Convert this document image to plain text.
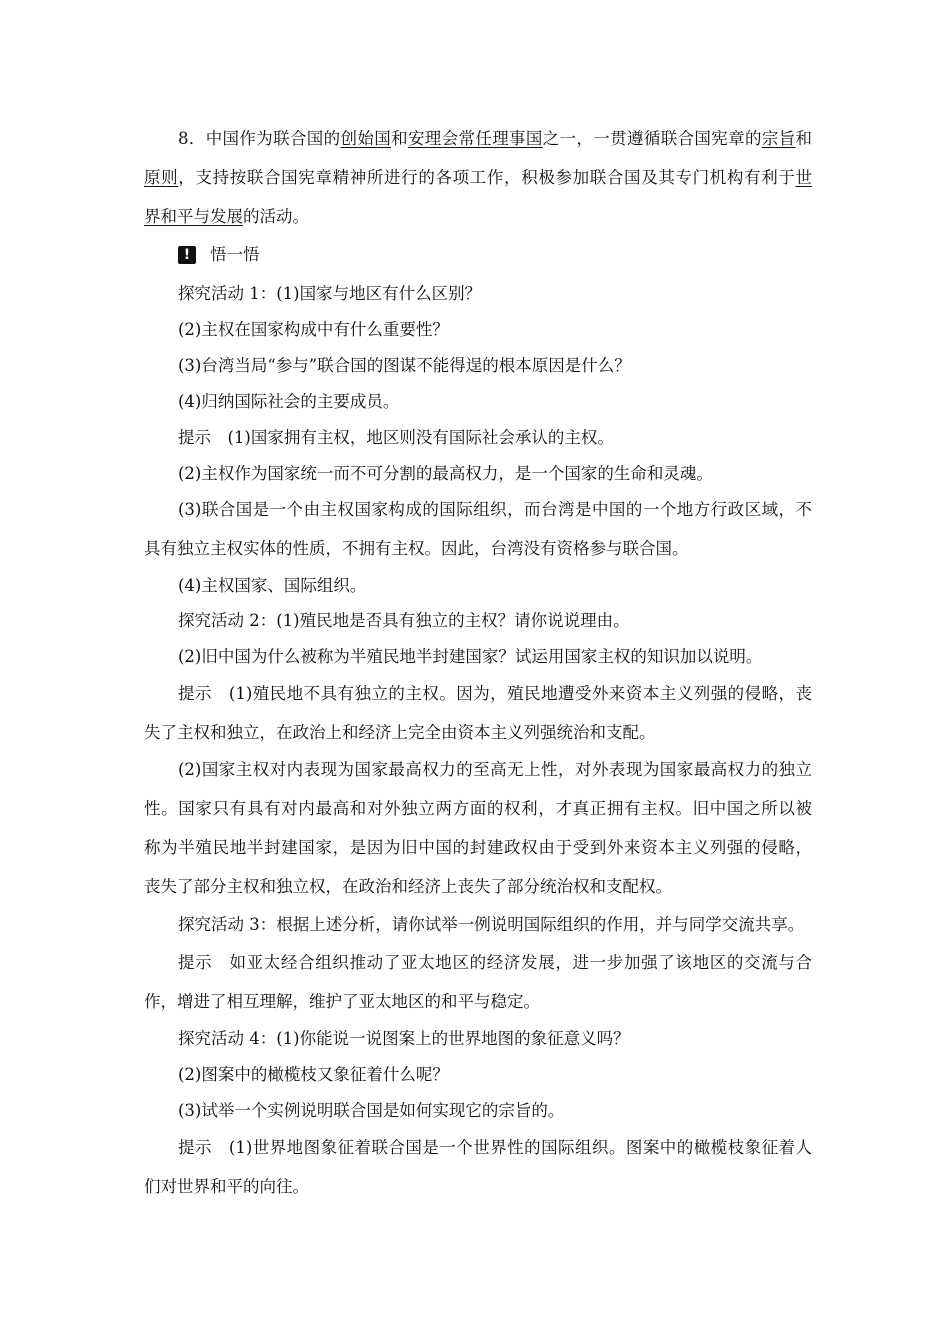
8．中国作为联合国的创始国和安理会常任理事国之一，一贯遵循联合国宪章的宗旨和
原则，支持按联合国宪章精神所进行的各项工作，积极参加联合国及其专门机构有利于世
界和平与发展的活动。
!	悟一悟
探究活动 1：(1)国家与地区有什么区别？
(2)主权在国家构成中有什么重要性？
(3)台湾当局“参与”联合国的图谋不能得逞的根本原因是什么？
(4)归纳国际社会的主要成员。
提示　(1)国家拥有主权，地区则没有国际社会承认的主权。
(2)主权作为国家统一而不可分割的最高权力，是一个国家的生命和灵魂。
(3)联合国是一个由主权国家构成的国际组织，而台湾是中国的一个地方行政区域，不
具有独立主权实体的性质，不拥有主权。因此，台湾没有资格参与联合国。
(4)主权国家、国际组织。
探究活动 2：(1)殖民地是否具有独立的主权？请你说说理由。
(2)旧中国为什么被称为半殖民地半封建国家？试运用国家主权的知识加以说明。
提示　(1)殖民地不具有独立的主权。因为，殖民地遭受外来资本主义列强的侵略，丧
失了主权和独立，在政治上和经济上完全由资本主义列强统治和支配。
(2)国家主权对内表现为国家最高权力的至高无上性，对外表现为国家最高权力的独立
性。国家只有具有对内最高和对外独立两方面的权利，才真正拥有主权。旧中国之所以被
称为半殖民地半封建国家，是因为旧中国的封建政权由于受到外来资本主义列强的侵略，
丧失了部分主权和独立权，在政治和经济上丧失了部分统治权和支配权。
探究活动 3：根据上述分析，请你试举一例说明国际组织的作用，并与同学交流共享。
提示　如亚太经合组织推动了亚太地区的经济发展，进一步加强了该地区的交流与合
作，增进了相互理解，维护了亚太地区的和平与稳定。
探究活动 4：(1)你能说一说图案上的世界地图的象征意义吗？
(2)图案中的橄榄枝又象征着什么呢？
(3)试举一个实例说明联合国是如何实现它的宗旨的。
提示　(1)世界地图象征着联合国是一个世界性的国际组织。图案中的橄榄枝象征着人
们对世界和平的向往。
